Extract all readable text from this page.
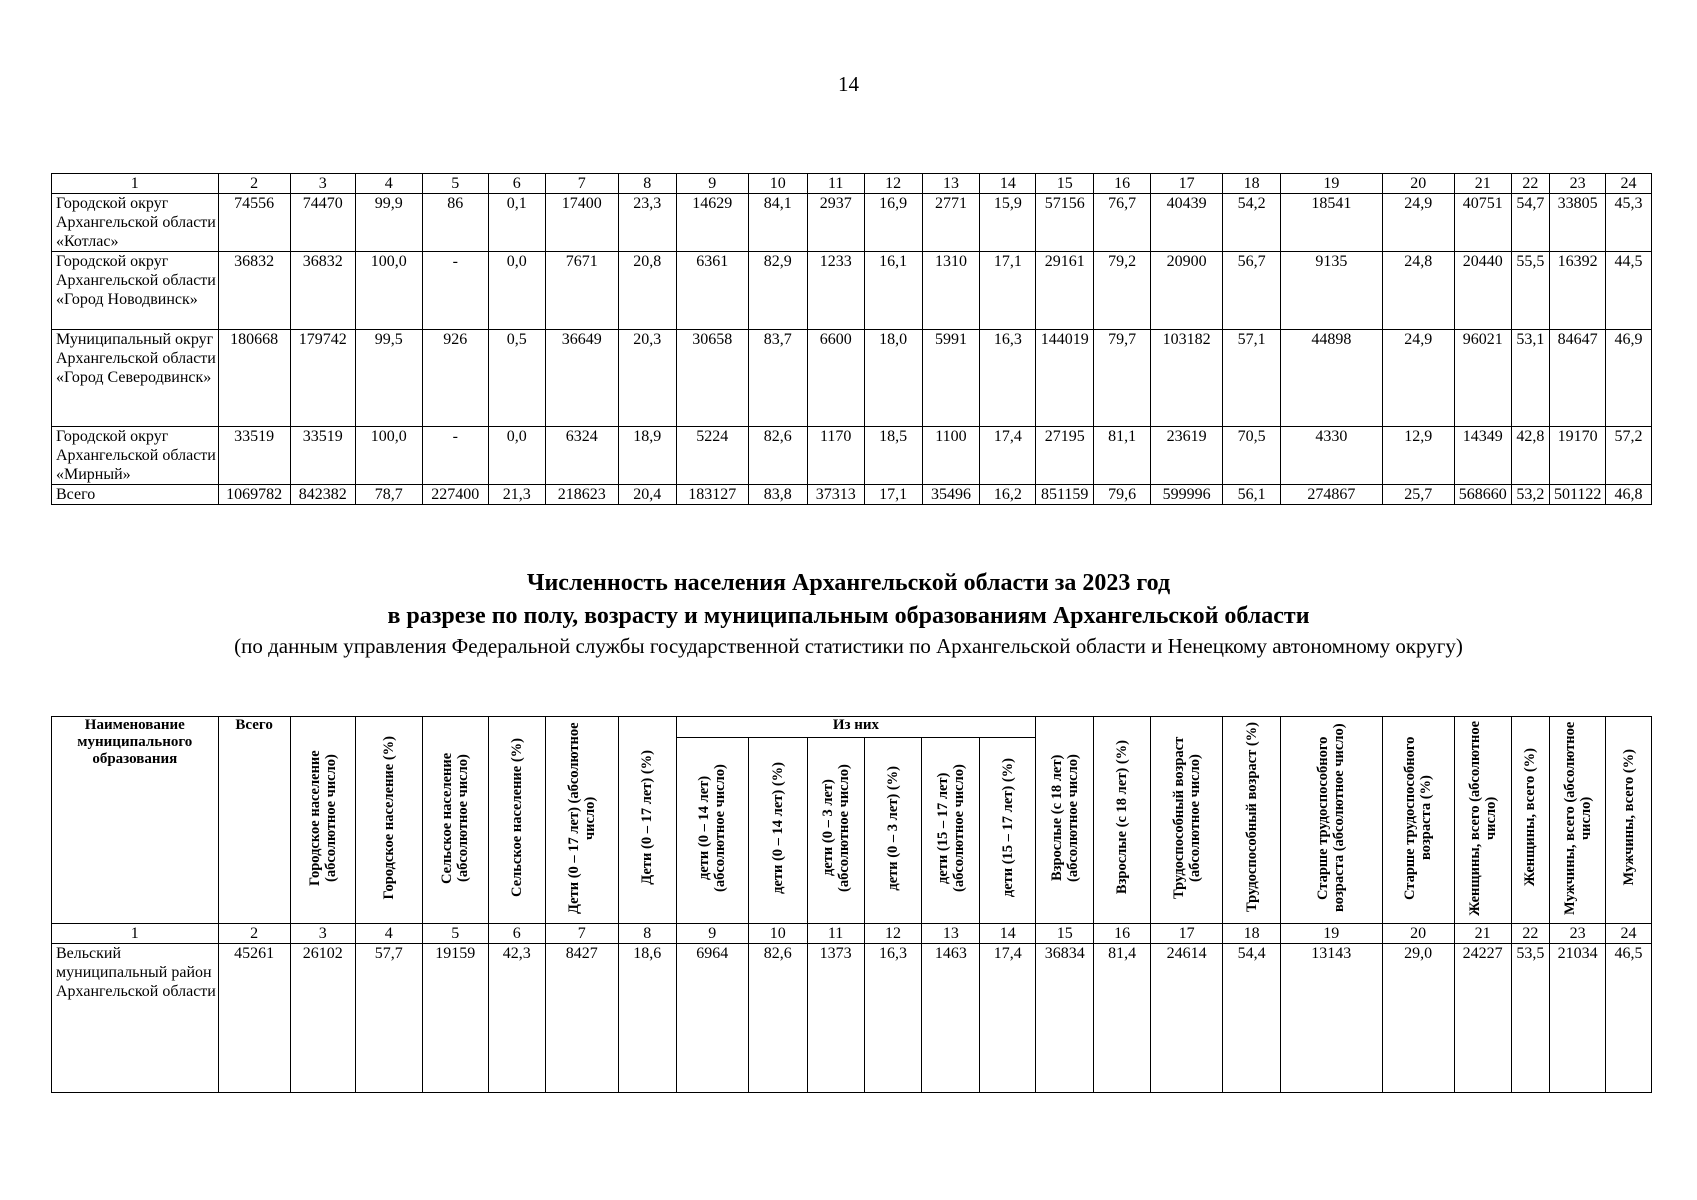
14
1	2	3	4	5	6	7	8	9	10	11	12	13	14	15	16	17	18	19	20	21	22	23	24
Городской округ Архангельской области «Котлас»	74556	74470	99,9	86	0,1	17400	23,3	14629	84,1	2937	16,9	2771	15,9	57156	76,7	40439	54,2	18541	24,9	40751	54,7	33805	45,3
Городской округ Архангельской области «Город Новодвинск»	36832	36832	100,0	-	0,0	7671	20,8	6361	82,9	1233	16,1	1310	17,1	29161	79,2	20900	56,7	9135	24,8	20440	55,5	16392	44,5
Муниципальный округ Архангельской области «Город Северодвинск»	180668	179742	99,5	926	0,5	36649	20,3	30658	83,7	6600	18,0	5991	16,3	144019	79,7	103182	57,1	44898	24,9	96021	53,1	84647	46,9
Городской округ Архангельской области «Мирный»	33519	33519	100,0	-	0,0	6324	18,9	5224	82,6	1170	18,5	1100	17,4	27195	81,1	23619	70,5	4330	12,9	14349	42,8	19170	57,2
Всего	1069782	842382	78,7	227400	21,3	218623	20,4	183127	83,8	37313	17,1	35496	16,2	851159	79,6	599996	56,1	274867	25,7	568660	53,2	501122	46,8
Численность населения Архангельской области за 2023 год
в разрезе по полу, возрасту и муниципальным образованиям Архангельской области
(по данным управления Федеральной службы государственной статистики по Архангельской области и Ненецкому автономному округу)
Наименование муниципального образования	Всего	Городское население (абсолютное число)	Городское население (%)	Сельское население (абсолютное число)	Сельское население (%)	Дети (0 – 17 лет) (абсолютное число)	Дети (0 – 17 лет) (%)	Из них						Взрослые (с 18 лет) (абсолютное число)	Взрослые (с 18 лет) (%)	Трудоспособный возраст (абсолютное число)	Трудоспособный возраст (%)	Старше трудоспособного возраста (абсолютное число)	Старше трудоспособного возраста (%)	Женщины, всего (абсолютное число)	Женщины, всего (%)	Мужчины, всего (абсолютное число)	Мужчины, всего (%)
								дети (0 – 14 лет) (абсолютное число)	дети (0 – 14 лет) (%)	дети (0 – 3 лет) (абсолютное число)	дети (0 – 3 лет) (%)	дети (15 – 17 лет) (абсолютное число)	дети (15 – 17 лет) (%)										
1	2	3	4	5	6	7	8	9	10	11	12	13	14	15	16	17	18	19	20	21	22	23	24
Вельский муниципальный район Архангельской области	45261	26102	57,7	19159	42,3	8427	18,6	6964	82,6	1373	16,3	1463	17,4	36834	81,4	24614	54,4	13143	29,0	24227	53,5	21034	46,5
